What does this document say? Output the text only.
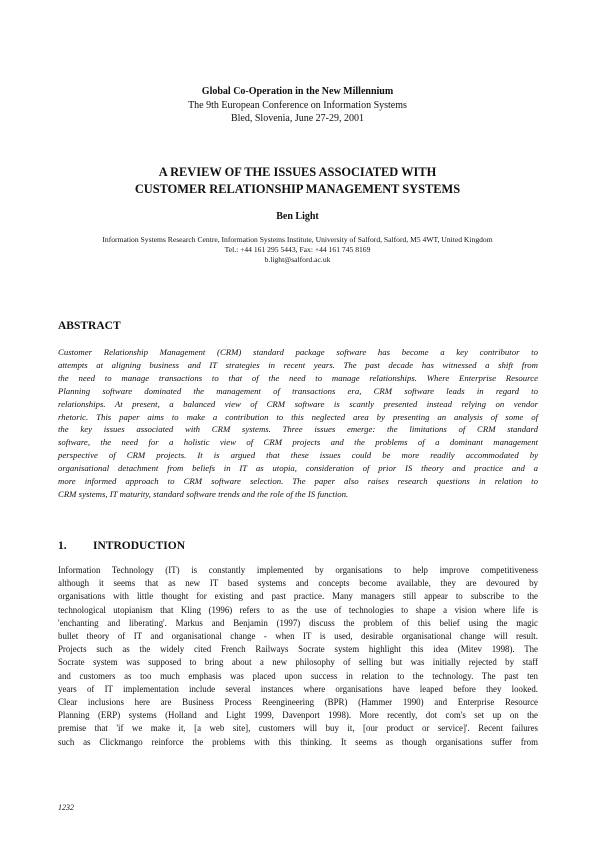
Global Co-Operation in the New Millennium
The 9th European Conference on Information Systems
Bled, Slovenia, June 27-29, 2001
A REVIEW OF THE ISSUES ASSOCIATED WITH
CUSTOMER RELATIONSHIP MANAGEMENT SYSTEMS
Ben Light
Information Systems Research Centre, Information Systems Institute, University of Salford, Salford, M5 4WT, United Kingdom
Tel.: +44 161 295 5443, Fax: +44 161 745 8169
b.light@salford.ac.uk
ABSTRACT
Customer Relationship Management (CRM) standard package software has become a key contributor to
attempts at aligning business and IT strategies in recent years. The past decade has witnessed a shift from
the need to manage transactions to that of the need to manage relationships. Where Enterprise Resource
Planning software dominated the management of transactions era, CRM software leads in regard to
relationships. At present, a balanced view of CRM software is scantly presented instead relying on vendor
rhetoric. This paper aims to make a contribution to this neglected area by presenting an analysis of some of
the key issues associated with CRM systems. Three issues emerge: the limitations of CRM standard
software, the need for a holistic view of CRM projects and the problems of a dominant management
perspective of CRM projects. It is argued that these issues could be more readily accommodated by
organisational detachment from beliefs in IT as utopia, consideration of prior IS theory and practice and a
more informed approach to CRM software selection. The paper also raises research questions in relation to
CRM systems, IT maturity, standard software trends and the role of the IS function.
1. INTRODUCTION
Information Technology (IT) is constantly implemented by organisations to help improve competitiveness
although it seems that as new IT based systems and concepts become available, they are devoured by
organisations with little thought for existing and past practice. Many managers still appear to subscribe to the
technological utopianism that Kling (1996) refers to as the use of technologies to shape a vision where life is
'enchanting and liberating'. Markus and Benjamin (1997) discuss the problem of this belief using the magic
bullet theory of IT and organisational change - when IT is used, desirable organisational change will result.
Projects such as the widely cited French Railways Socrate system highlight this idea (Mitev 1998). The
Socrate system was supposed to bring about a new philosophy of selling but was initially rejected by staff
and customers as too much emphasis was placed upon success in relation to the technology. The past ten
years of IT implementation include several instances where organisations have leaped before they looked.
Clear inclusions here are Business Process Reengineering (BPR) (Hammer 1990) and Enterprise Resource
Planning (ERP) systems (Holland and Light 1999, Davenport 1998). More recently, dot com's set up on the
premise that 'if we make it, [a web site], customers will buy it, [our product or service]'. Recent failures
such as Clickmango reinforce the problems with this thinking. It seems as though organisations suffer from
1232
